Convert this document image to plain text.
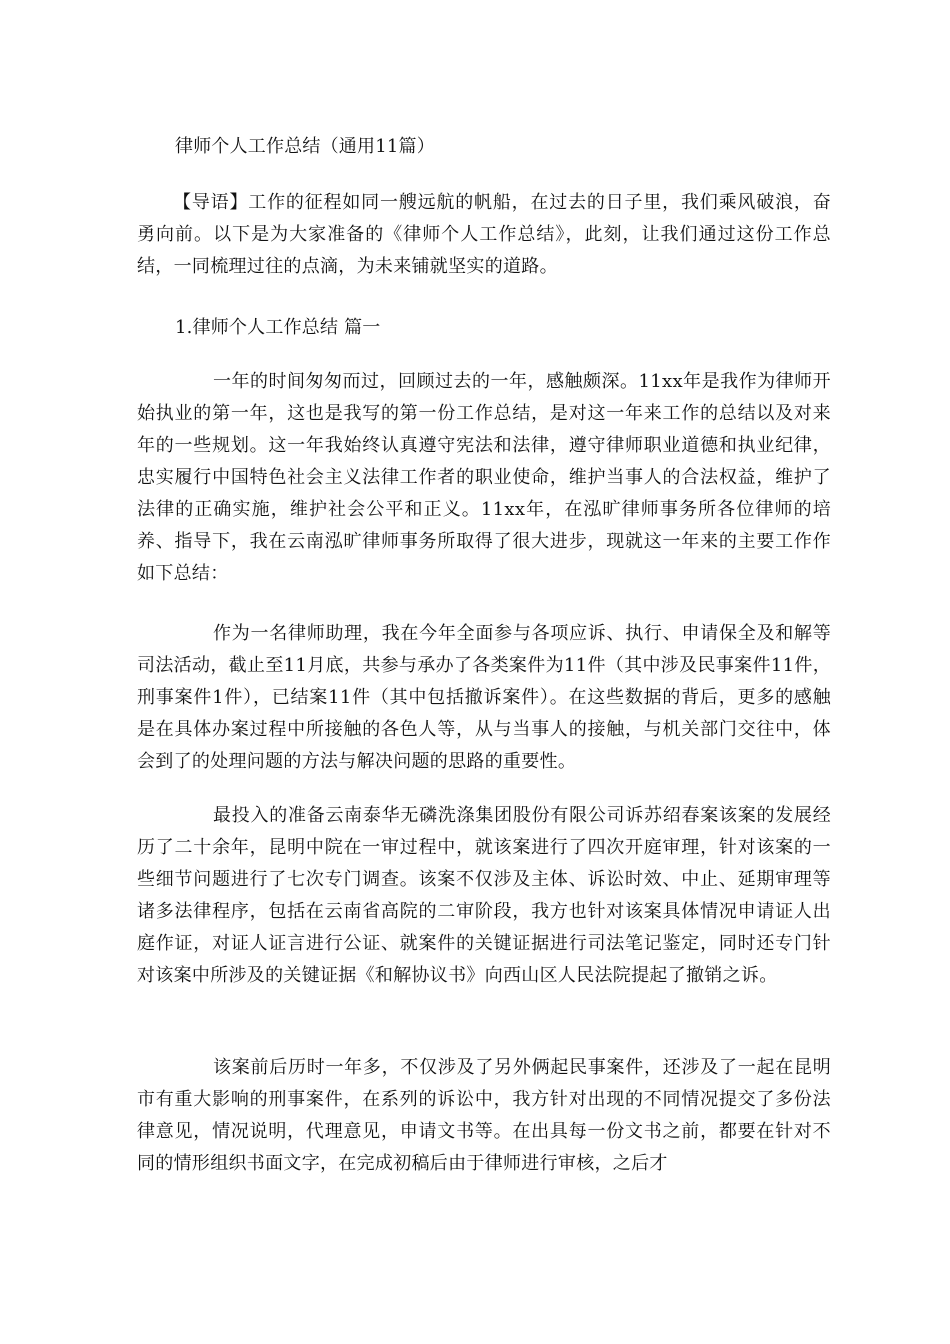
律师个人工作总结（通用11篇）
【导语】工作的征程如同一艘远航的帆船，在过去的日子里，我们乘风破浪，奋勇向前。以下是为大家准备的《律师个人工作总结》，此刻，让我们通过这份工作总结，一同梳理过往的点滴，为未来铺就坚实的道路。
1.律师个人工作总结 篇一
一年的时间匆匆而过，回顾过去的一年，感触颇深。11xx年是我作为律师开始执业的第一年，这也是我写的第一份工作总结，是对这一年来工作的总结以及对来年的一些规划。这一年我始终认真遵守宪法和法律，遵守律师职业道德和执业纪律，忠实履行中国特色社会主义法律工作者的职业使命，维护当事人的合法权益，维护了法律的正确实施，维护社会公平和正义。11xx年，在泓旷律师事务所各位律师的培养、指导下，我在云南泓旷律师事务所取得了很大进步，现就这一年来的主要工作作如下总结：
作为一名律师助理，我在今年全面参与各项应诉、执行、申请保全及和解等司法活动，截止至11月底，共参与承办了各类案件为11件（其中涉及民事案件11件，刑事案件1件），已结案11件（其中包括撤诉案件）。在这些数据的背后，更多的感触是在具体办案过程中所接触的各色人等，从与当事人的接触，与机关部门交往中，体会到了的处理问题的方法与解决问题的思路的重要性。
最投入的准备云南泰华无磷洗涤集团股份有限公司诉苏绍春案该案的发展经历了二十余年，昆明中院在一审过程中，就该案进行了四次开庭审理，针对该案的一些细节问题进行了七次专门调查。该案不仅涉及主体、诉讼时效、中止、延期审理等诸多法律程序，包括在云南省高院的二审阶段，我方也针对该案具体情况申请证人出庭作证，对证人证言进行公证、就案件的关键证据进行司法笔记鉴定，同时还专门针对该案中所涉及的关键证据《和解协议书》向西山区人民法院提起了撤销之诉。
该案前后历时一年多，不仅涉及了另外俩起民事案件，还涉及了一起在昆明市有重大影响的刑事案件，在系列的诉讼中，我方针对出现的不同情况提交了多份法律意见，情况说明，代理意见，申请文书等。在出具每一份文书之前，都要在针对不同的情形组织书面文字，在完成初稿后由于律师进行审核，之后才
